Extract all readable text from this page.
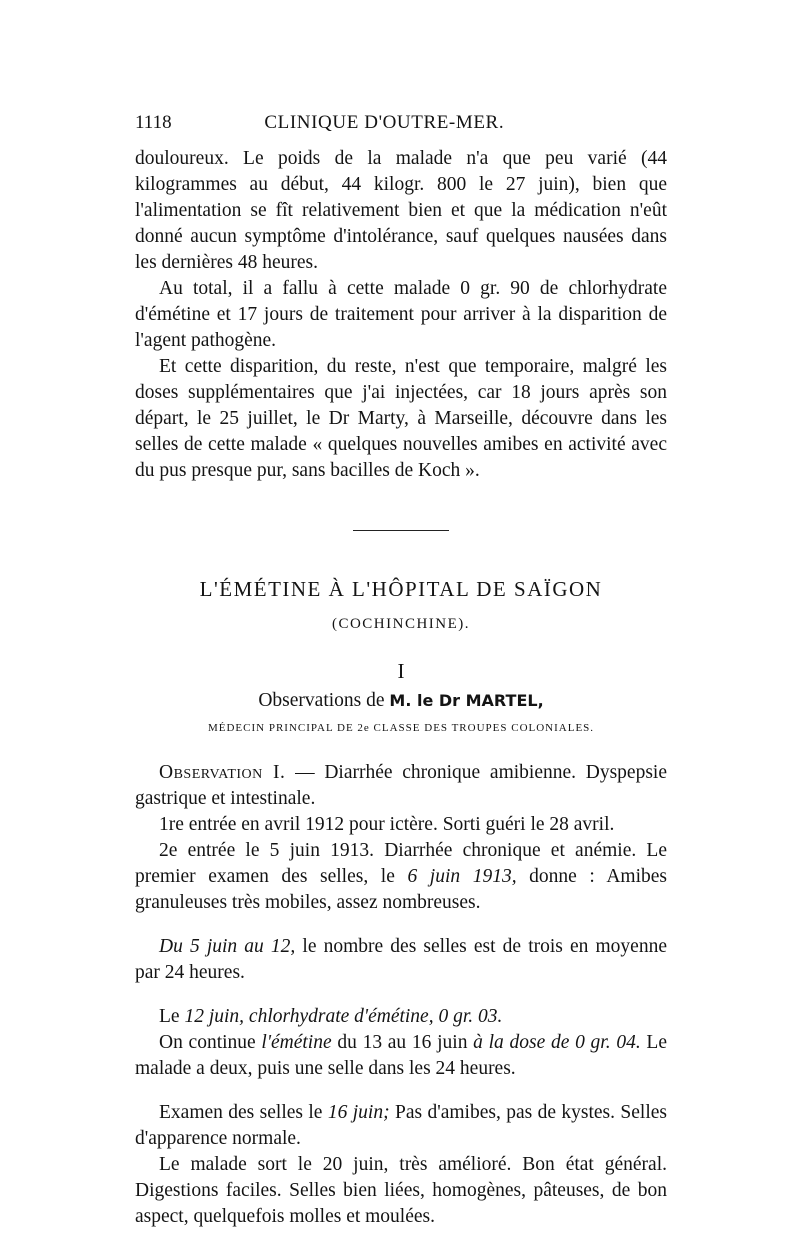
1118	CLINIQUE D'OUTRE-MER.

douloureux. Le poids de la malade n'a que peu varié (44 kilogrammes au début, 44 kilogr. 800 le 27 juin), bien que l'alimentation se fît relativement bien et que la médication n'eût donné aucun symptôme d'intolérance, sauf quelques nausées dans les dernières 48 heures.

Au total, il a fallu à cette malade 0 gr. 90 de chlorhydrate d'émétine et 17 jours de traitement pour arriver à la disparition de l'agent pathogène.

Et cette disparition, du reste, n'est que temporaire, malgré les doses supplémentaires que j'ai injectées, car 18 jours après son départ, le 25 juillet, le Dr Marty, à Marseille, découvre dans les selles de cette malade « quelques nouvelles amibes en activité avec du pus presque pur, sans bacilles de Koch ».

L'ÉMÉTINE À L'HÔPITAL DE SAÏGON
(COCHINCHINE).
I
Observations de M. le Dr MARTEL,
MÉDECIN PRINCIPAL DE 2e CLASSE DES TROUPES COLONIALES.

Observation I. — Diarrhée chronique amibienne. Dyspepsie gastrique et intestinale.

1re entrée en avril 1912 pour ictère. Sorti guéri le 28 avril.

2e entrée le 5 juin 1913. Diarrhée chronique et anémie. Le premier examen des selles, le 6 juin 1913, donne : Amibes granuleuses très mobiles, assez nombreuses.

Du 5 juin au 12, le nombre des selles est de trois en moyenne par 24 heures.

Le 12 juin, chlorhydrate d'émétine, 0 gr. 03.

On continue l'émétine du 13 au 16 juin à la dose de 0 gr. 04. Le malade a deux, puis une selle dans les 24 heures.

Examen des selles le 16 juin; Pas d'amibes, pas de kystes. Selles d'apparence normale.

Le malade sort le 20 juin, très amélioré. Bon état général. Digestions faciles. Selles bien liées, homogènes, pâteuses, de bon aspect, quelquefois molles et moulées.
